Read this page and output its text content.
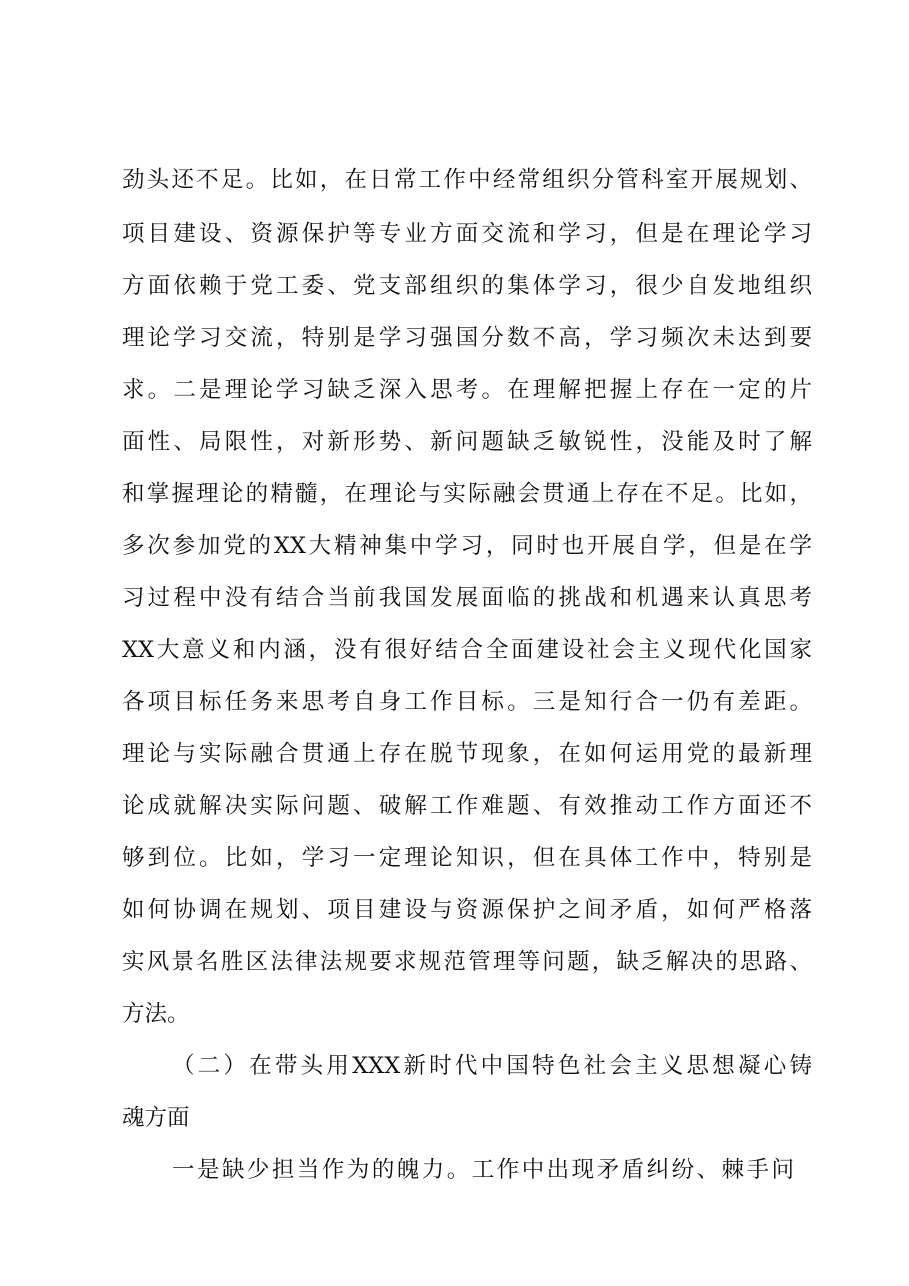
劲头还不足。比如，在日常工作中经常组织分管科室开展规划、
项目建设、资源保护等专业方面交流和学习，但是在理论学习
方面依赖于党工委、党支部组织的集体学习，很少自发地组织
理论学习交流，特别是学习强国分数不高，学习频次未达到要
求。二是理论学习缺乏深入思考。在理解把握上存在一定的片
面性、局限性，对新形势、新问题缺乏敏锐性，没能及时了解
和掌握理论的精髓，在理论与实际融会贯通上存在不足。比如，
多次参加党的XX大精神集中学习，同时也开展自学，但是在学
习过程中没有结合当前我国发展面临的挑战和机遇来认真思考
XX大意义和内涵，没有很好结合全面建设社会主义现代化国家
各项目标任务来思考自身工作目标。三是知行合一仍有差距。
理论与实际融合贯通上存在脱节现象，在如何运用党的最新理
论成就解决实际问题、破解工作难题、有效推动工作方面还不
够到位。比如，学习一定理论知识，但在具体工作中，特别是
如何协调在规划、项目建设与资源保护之间矛盾，如何严格落
实风景名胜区法律法规要求规范管理等问题，缺乏解决的思路、
方法。
（二）在带头用XXX新时代中国特色社会主义思想凝心铸
魂方面
一是缺少担当作为的魄力。工作中出现矛盾纠纷、棘手问
